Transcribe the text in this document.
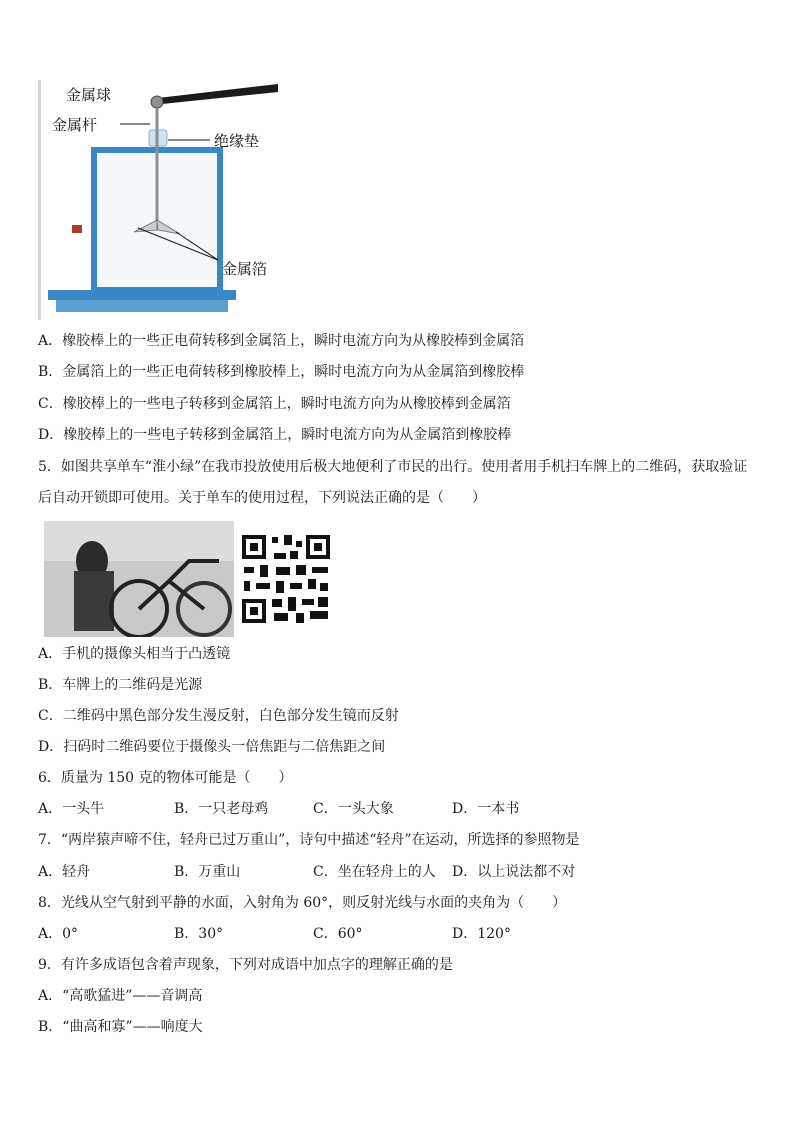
金属球
金属杆
绝缘垫
金属箔
A．橡胶棒上的一些正电荷转移到金属箔上，瞬时电流方向为从橡胶棒到金属箔
B．金属箔上的一些正电荷转移到橡胶棒上，瞬时电流方向为从金属箔到橡胶棒
C．橡胶棒上的一些电子转移到金属箔上，瞬时电流方向为从橡胶棒到金属箔
D．橡胶棒上的一些电子转移到金属箔上，瞬时电流方向为从金属箔到橡胶棒
5．如图共享单车“淮小绿”在我市投放使用后极大地便利了市民的出行。使用者用手机扫车牌上的二维码，获取验证
后自动开锁即可使用。关于单车的使用过程，下列说法正确的是（　　）
A．手机的摄像头相当于凸透镜
B．车牌上的二维码是光源
C．二维码中黑色部分发生漫反射，白色部分发生镜而反射
D．扫码时二维码要位于摄像头一倍焦距与二倍焦距之间
6．质量为 150 克的物体可能是（　　）
A．一头牛	B．一只老母鸡	C．一头大象	D．一本书
7．“两岸猿声啼不住，轻舟已过万重山”，诗句中描述“轻舟”在运动，所选择的参照物是
A．轻舟	B．万重山	C．坐在轻舟上的人 D．以上说法都不对
8．光线从空气射到平静的水面，入射角为 60°，则反射光线与水面的夹角为（　　）
A．0°	B．30°	C．60°	D．120°
9．有许多成语包含着声现象，下列对成语中加点字的理解正确的是
A．“高歌猛进”——音调高
B．“曲高和寡”——响度大
